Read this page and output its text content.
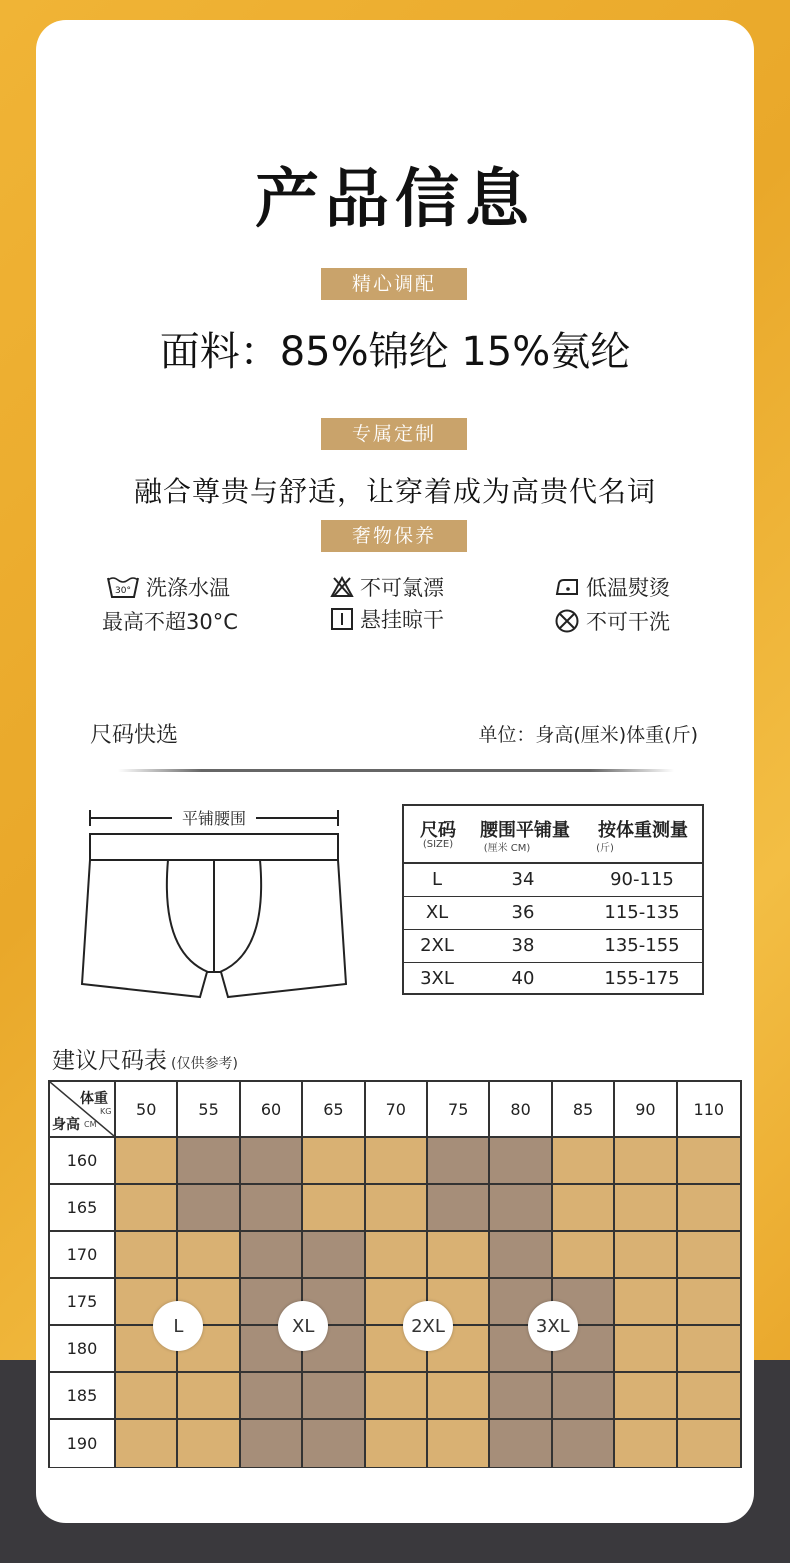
产品信息
精心调配
面料：85%锦纶 15%氨纶
专属定制
融合尊贵与舒适，让穿着成为高贵代名词
奢物保养
30° 洗涤水温
最高不超30°C
不可氯漂
悬挂晾干
低温熨烫
不可干洗
尺码快选	单位：身高(厘米)体重(斤)
平铺腰围
尺码
(SIZE)
腰围平铺量
(厘米 CM)
按体重测量
(斤)
L	34	90-115
XL	36	115-135
2XL	38	135-155
3XL	40	155-175
建议尺码表 (仅供参考)
体重
KG
身高 CM
50	55	60	65	70	75	80	85	90	110
160
165
170
175
180
185
190
L	XL	2XL	3XL
